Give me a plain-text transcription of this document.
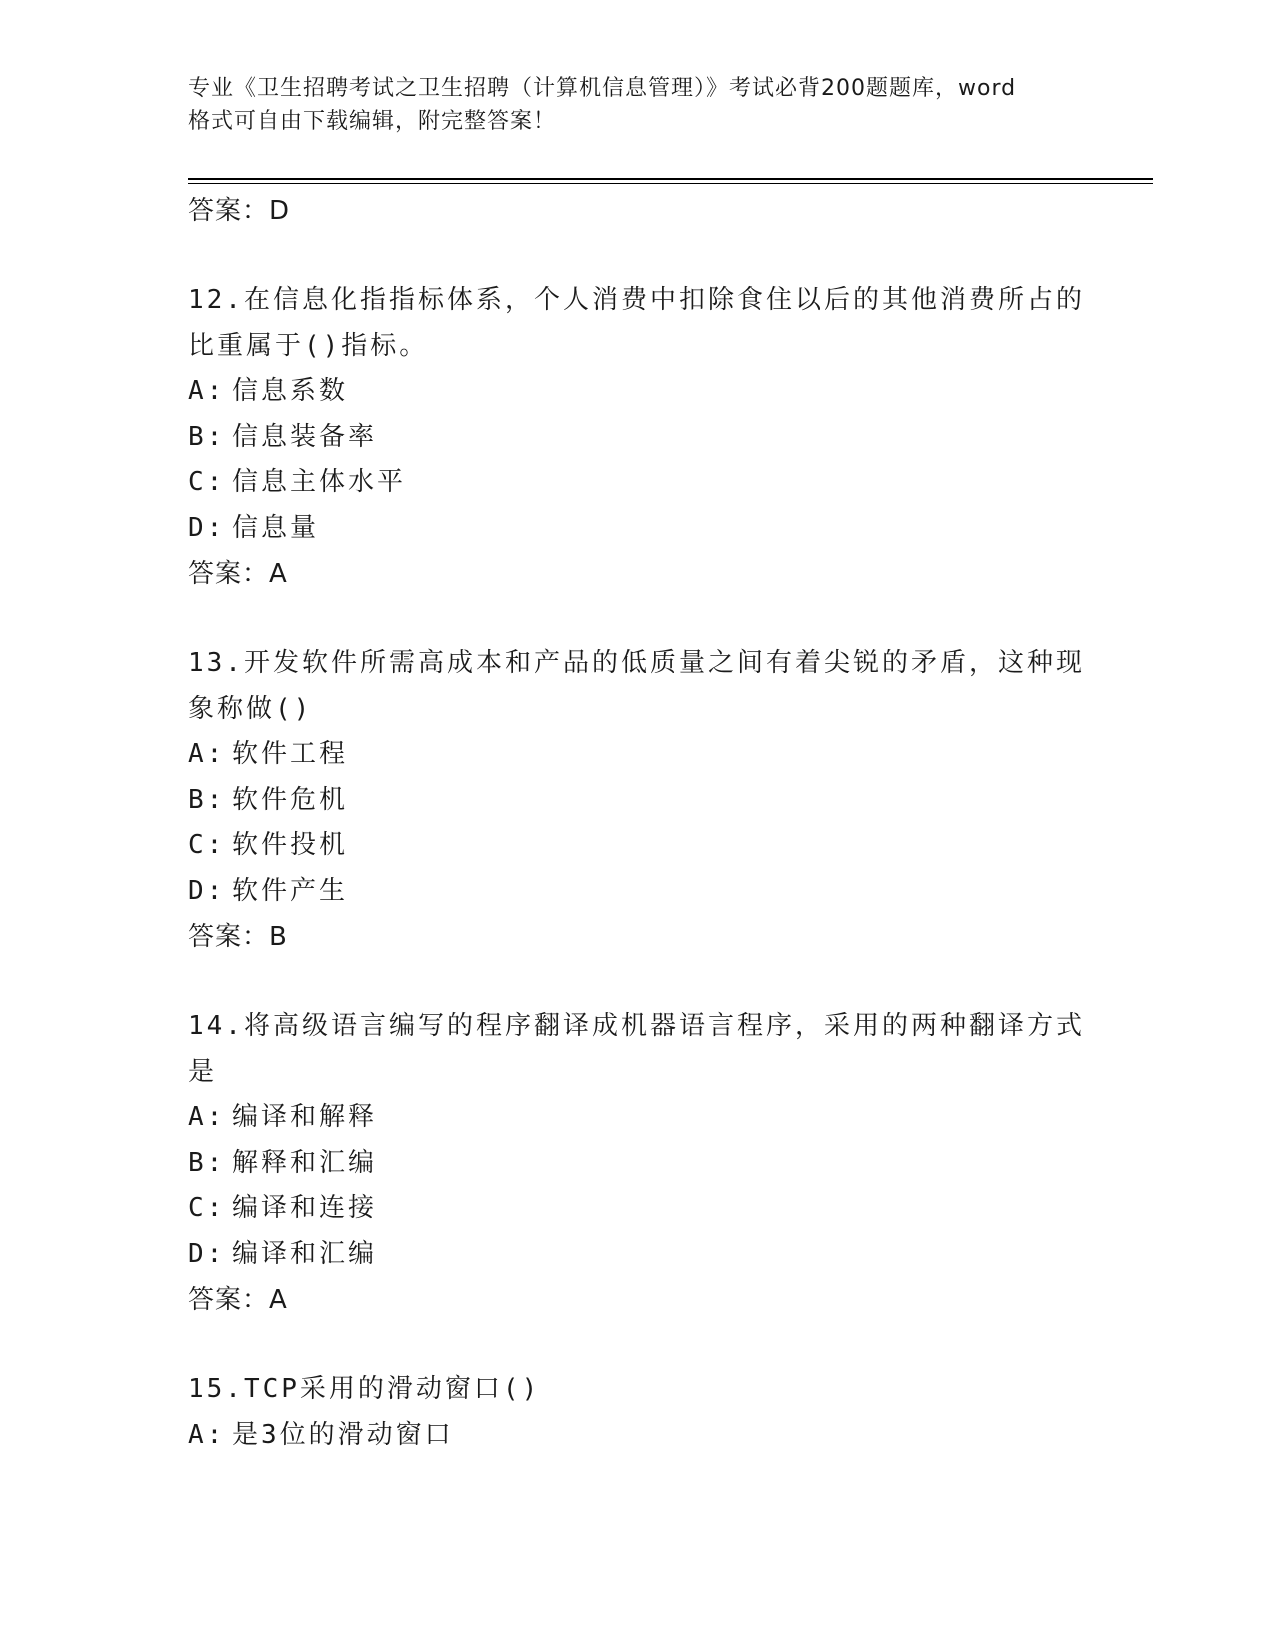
专业《卫生招聘考试之卫生招聘（计算机信息管理）》考试必背200题题库，word
格式可自由下载编辑，附完整答案！
答案：D
12.在信息化指指标体系，个人消费中扣除食住以后的其他消费所占的
比重属于()指标。
A: 信息系数
B: 信息装备率
C: 信息主体水平
D: 信息量
答案：A
13.开发软件所需高成本和产品的低质量之间有着尖锐的矛盾，这种现
象称做()
A: 软件工程
B: 软件危机
C: 软件投机
D: 软件产生
答案：B
14.将高级语言编写的程序翻译成机器语言程序，采用的两种翻译方式
是
A: 编译和解释
B: 解释和汇编
C: 编译和连接
D: 编译和汇编
答案：A
15.TCP采用的滑动窗口()
A: 是3位的滑动窗口
